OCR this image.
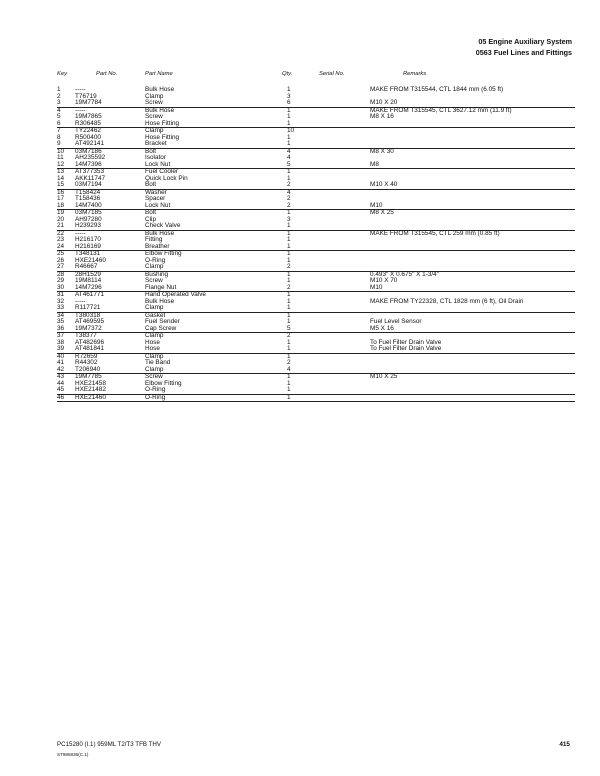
05 Engine Auxiliary System
0563 Fuel Lines and Fittings
Key	Part No.	Part Name	Qty.	Serial No.	Remarks
1 -----	Bulk Hose	1	MAKE FROM T315544, CTL 1844 mm (6.05 ft)
2 T76719	Clamp	3
3 19M7784	Screw	6	M10 X 20
4 -----	Bulk Hose	1	MAKE FROM T315545, CTL 3627.12 mm (11.9 ft)
5 19M7865	Screw	1	M8 X 16
6 R306485	Hose Fitting	1
7 TY22462	Clamp	10
8 R500400	Hose Fitting	1
9 AT492141	Bracket	1
10 03M7186	Bolt	4	M8 X 30
11 AH235592	Isolator	4
12 14M7396	Lock Nut	5	M8
13 AT377353	Fuel Cooler	1
14 AKK11747	Quick Lock Pin	1
15 03M7194	Bolt	2	M10 X 40
16 T158424	Washer	4
17 T158436	Spacer	2
18 14M7400	Lock Nut	2	M10
19 03M7185	Bolt	1	M8 X 25
20 AH97280	Clip	3
21 H239293	Check Valve	1
22 -----	Bulk Hose	1	MAKE FROM T315545, CTL 259 mm (0.85 ft)
23 H216170	Fitting	1
24 H216169	Breather	1
25 T348131	Elbow Fitting	1
26 HXE21460	O-Ring	1
27 R46667	Clamp	2
28 28H1529	Bushing	1	0.493" X 0.675" X 1-3/4"
29 19M8114	Screw	1	M10 X 70
30 14M7296	Flange Nut	2	M10
31 AT461771	Hand Operated Valve	1
32 -----	Bulk Hose	1	MAKE FROM TY22328, CTL 1828 mm (6 ft), Oil Drain
33 R117721	Clamp	1
34 T380318	Gasket	1
35 AT469595	Fuel Sender	1	Fuel Level Sensor
36 19M7372	Cap Screw	5	M5 X 16
37 T38377	Clamp	2
38 AT482696	Hose	1	To Fuel Filter Drain Valve
39 AT481841	Hose	1	To Fuel Filter Drain Valve
40 R72659	Clamp	1
41 R44302	Tie Band	2
42 T206940	Clamp	4
43 19M7785	Screw	1	M10 X 25
44 HXE21458	Elbow Fitting	1
45 HXE21482	O-Ring	1
46 HXE21460	O-Ring	1
PC15280 (I.1) 959ML T2/T3 TFB THV	415
ST985836(C.1)
